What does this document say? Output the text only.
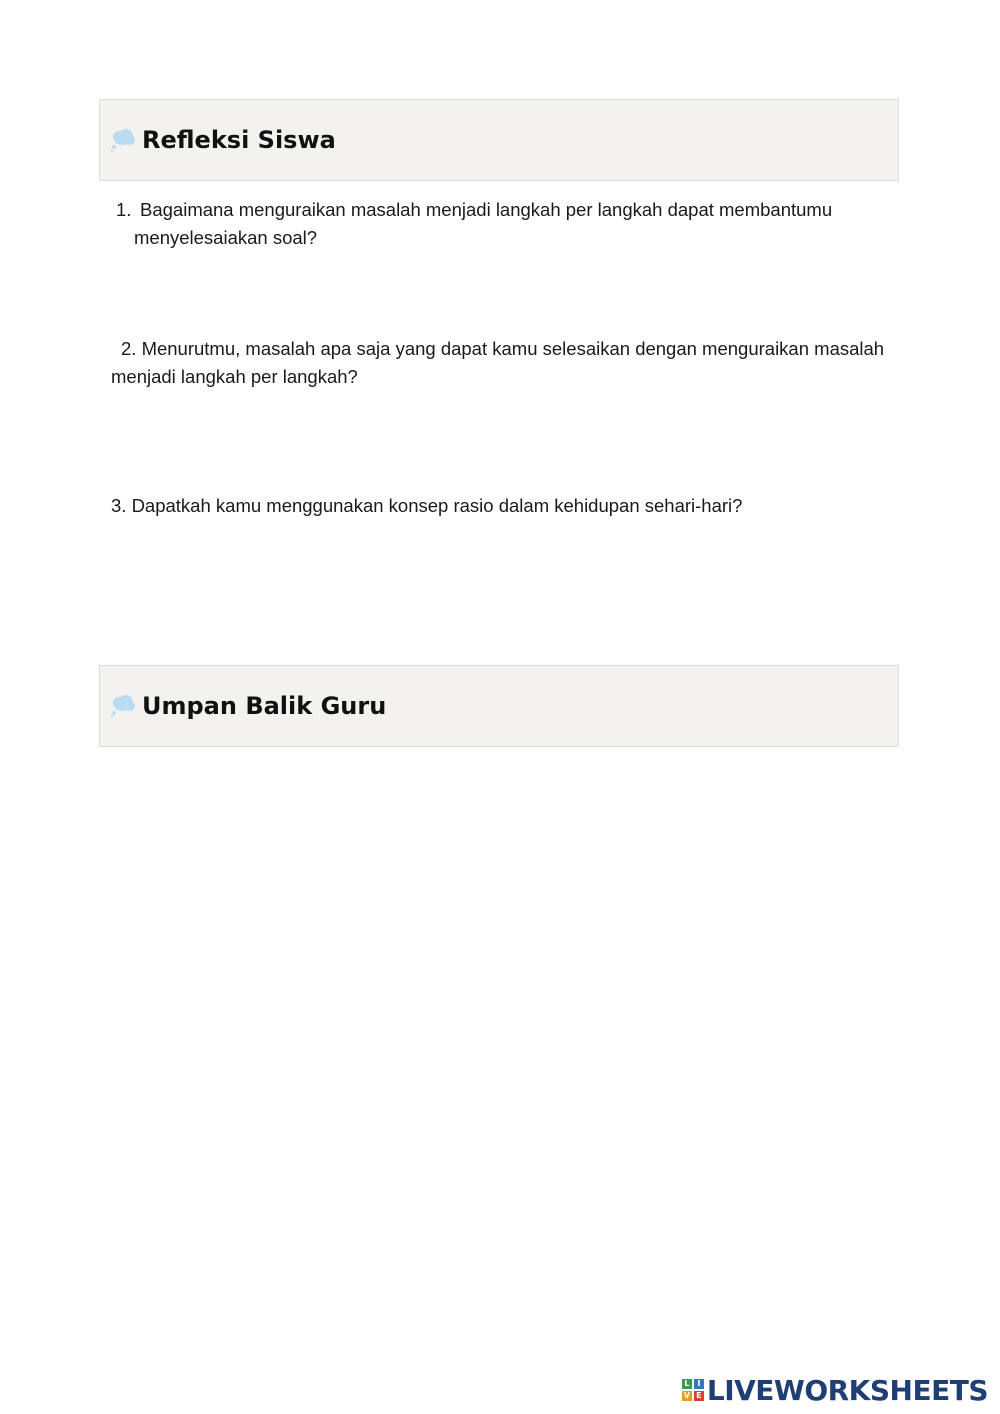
Refleksi Siswa
1. Bagaimana menguraikan masalah menjadi langkah per langkah dapat membantumu
menyelesaiakan soal?
2. Menurutmu, masalah apa saja yang dapat kamu selesaikan dengan menguraikan masalah menjadi langkah per langkah?
3. Dapatkah kamu menggunakan konsep rasio dalam kehidupan sehari-hari?
Umpan Balik Guru
L I
V E LIVEWORKSHEETS
